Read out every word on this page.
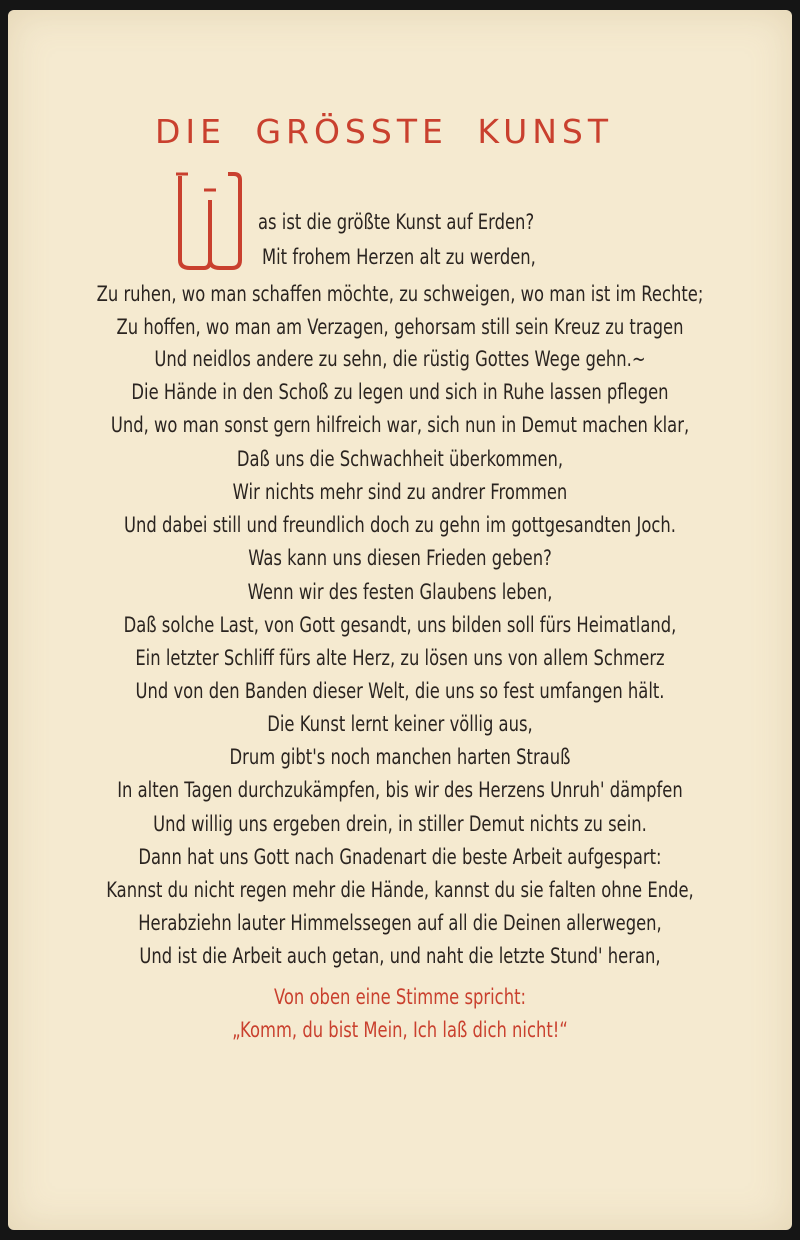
DIE GRÖSSTE KUNST
as ist die größte Kunst auf Erden?
Mit frohem Herzen alt zu werden,
Zu ruhen, wo man schaffen möchte, zu schweigen, wo man ist im Rechte;
Zu hoffen, wo man am Verzagen, gehorsam still sein Kreuz zu tragen
Und neidlos andere zu sehn, die rüstig Gottes Wege gehn.~
Die Hände in den Schoß zu legen und sich in Ruhe lassen pflegen
Und, wo man sonst gern hilfreich war, sich nun in Demut machen klar,
Daß uns die Schwachheit überkommen,
Wir nichts mehr sind zu andrer Frommen
Und dabei still und freundlich doch zu gehn im gottgesandten Joch.
Was kann uns diesen Frieden geben?
Wenn wir des festen Glaubens leben,
Daß solche Last, von Gott gesandt, uns bilden soll fürs Heimatland,
Ein letzter Schliff fürs alte Herz, zu lösen uns von allem Schmerz
Und von den Banden dieser Welt, die uns so fest umfangen hält.
Die Kunst lernt keiner völlig aus,
Drum gibt's noch manchen harten Strauß
In alten Tagen durchzukämpfen, bis wir des Herzens Unruh' dämpfen
Und willig uns ergeben drein, in stiller Demut nichts zu sein.
Dann hat uns Gott nach Gnadenart die beste Arbeit aufgespart:
Kannst du nicht regen mehr die Hände, kannst du sie falten ohne Ende,
Herabziehn lauter Himmelssegen auf all die Deinen allerwegen,
Und ist die Arbeit auch getan, und naht die letzte Stund' heran,
Von oben eine Stimme spricht:
„Komm, du bist Mein, Ich laß dich nicht!“
